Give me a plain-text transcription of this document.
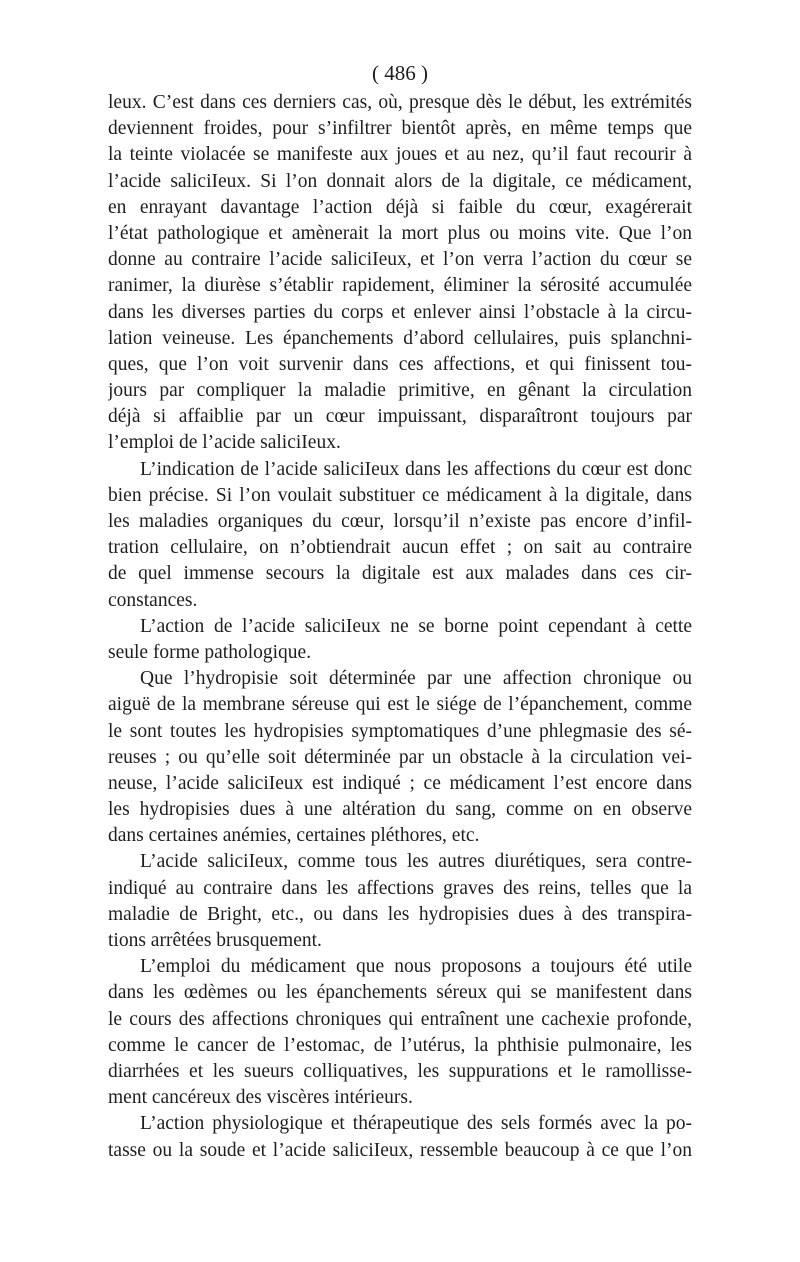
( 486 )
leux. C’est dans ces derniers cas, où, presque dès le début, les extrémités
deviennent froides, pour s’infiltrer bientôt après, en même temps que
la teinte violacée se manifeste aux joues et au nez, qu’il faut recourir à
l’acide saliciIeux. Si l’on donnait alors de la digitale, ce médicament,
en enrayant davantage l’action déjà si faible du cœur, exagérerait
l’état pathologique et amènerait la mort plus ou moins vite. Que l’on
donne au contraire l’acide saliciIeux, et l’on verra l’action du cœur se
ranimer, la diurèse s’établir rapidement, éliminer la sérosité accumulée
dans les diverses parties du corps et enlever ainsi l’obstacle à la circu-
lation veineuse. Les épanchements d’abord cellulaires, puis splanchni-
ques, que l’on voit survenir dans ces affections, et qui finissent tou-
jours par compliquer la maladie primitive, en gênant la circulation
déjà si affaiblie par un cœur impuissant, disparaîtront toujours par
l’emploi de l’acide saliciIeux.
L’indication de l’acide saliciIeux dans les affections du cœur est donc
bien précise. Si l’on voulait substituer ce médicament à la digitale, dans
les maladies organiques du cœur, lorsqu’il n’existe pas encore d’infil-
tration cellulaire, on n’obtiendrait aucun effet ; on sait au contraire
de quel immense secours la digitale est aux malades dans ces cir-
constances.
L’action de l’acide saliciIeux ne se borne point cependant à cette
seule forme pathologique.
Que l’hydropisie soit déterminée par une affection chronique ou
aiguë de la membrane séreuse qui est le siége de l’épanchement, comme
le sont toutes les hydropisies symptomatiques d’une phlegmasie des sé-
reuses ; ou qu’elle soit déterminée par un obstacle à la circulation vei-
neuse, l’acide saliciIeux est indiqué ; ce médicament l’est encore dans
les hydropisies dues à une altération du sang, comme on en observe
dans certaines anémies, certaines pléthores, etc.
L’acide saliciIeux, comme tous les autres diurétiques, sera contre-
indiqué au contraire dans les affections graves des reins, telles que la
maladie de Bright, etc., ou dans les hydropisies dues à des transpira-
tions arrêtées brusquement.
L’emploi du médicament que nous proposons a toujours été utile
dans les œdèmes ou les épanchements séreux qui se manifestent dans
le cours des affections chroniques qui entraînent une cachexie profonde,
comme le cancer de l’estomac, de l’utérus, la phthisie pulmonaire, les
diarrhées et les sueurs colliquatives, les suppurations et le ramollisse-
ment cancéreux des viscères intérieurs.
L’action physiologique et thérapeutique des sels formés avec la po-
tasse ou la soude et l’acide saliciIeux, ressemble beaucoup à ce que l’on
